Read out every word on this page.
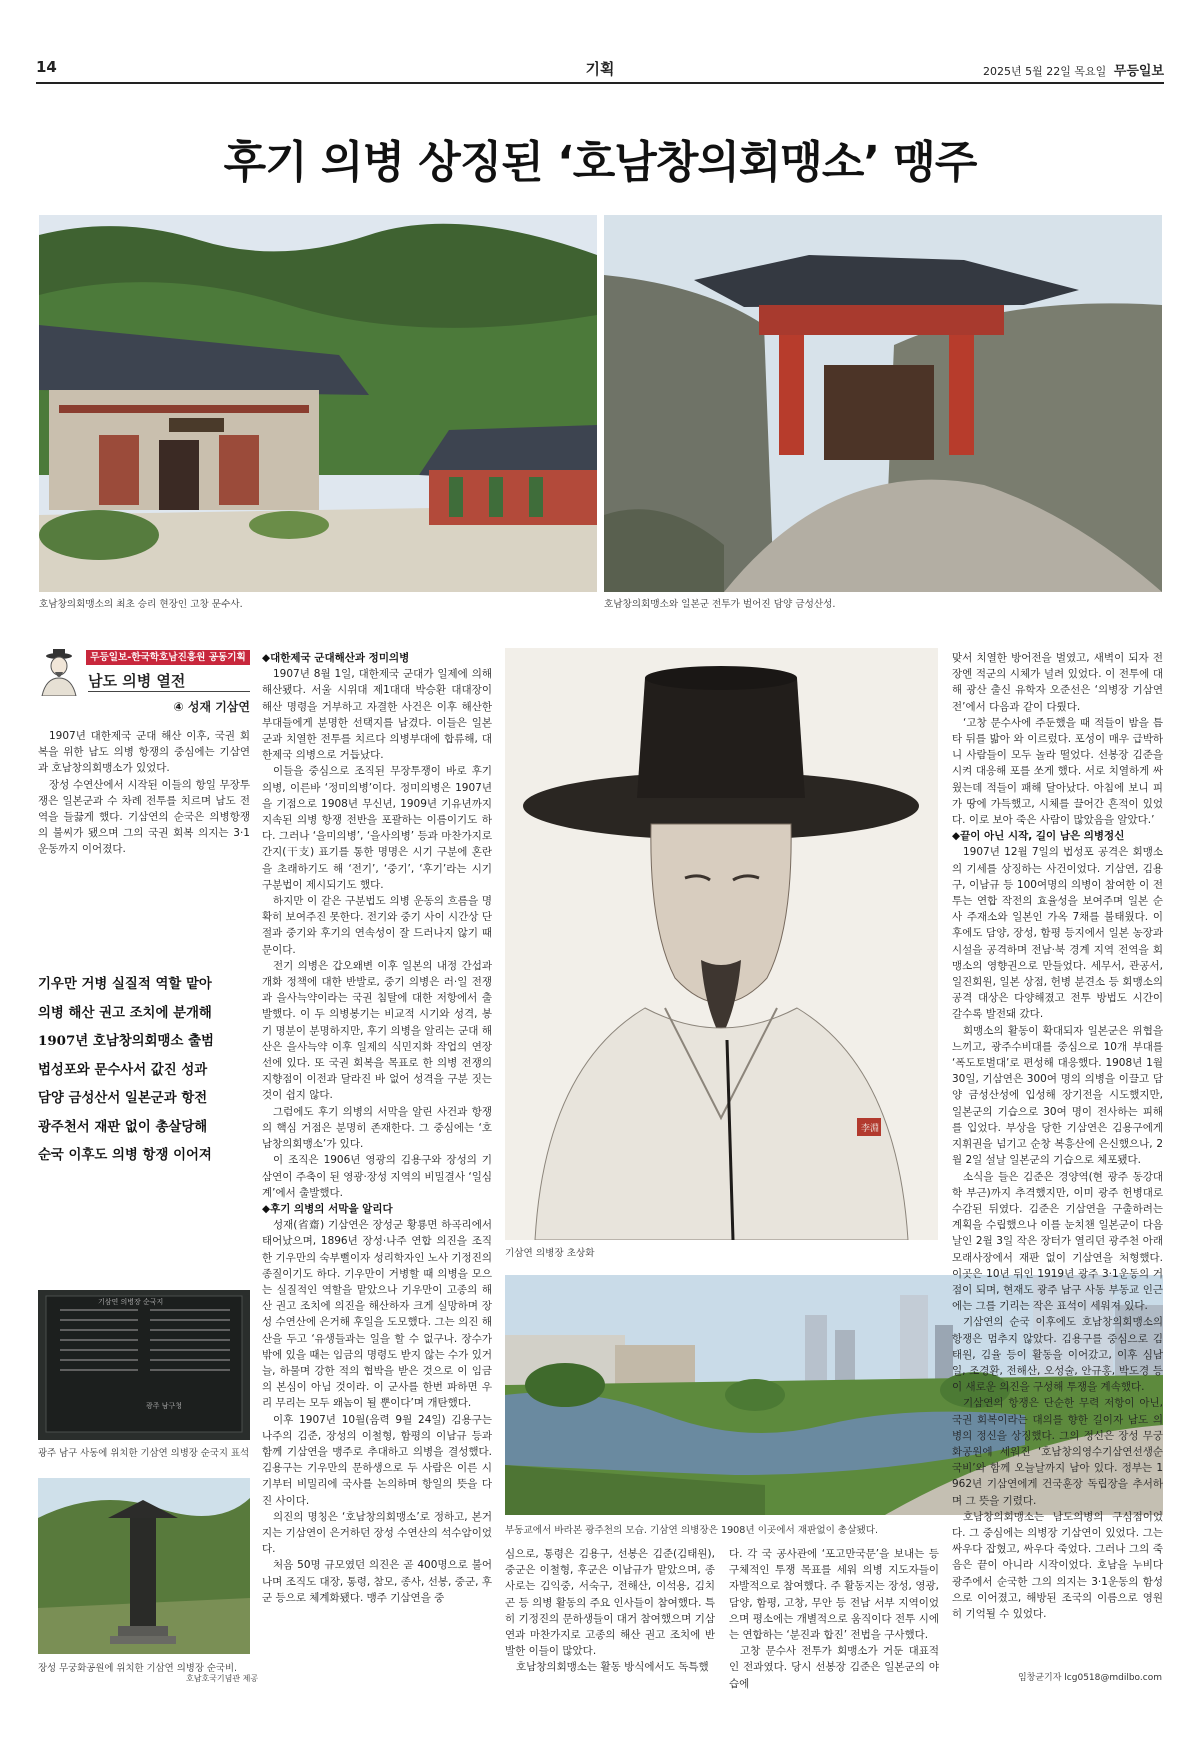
14	기획	2025년 5월 22일 목요일 무등일보
후기 의병 상징된 ‘호남창의회맹소’ 맹주
호남창의회맹소의 최초 승리 현장인 고창 문수사.	호남창의회맹소와 일본군 전투가 벌어진 담양 금성산성.
무등일보-한국학호남진흥원 공동기획
남도 의병 열전
④ 성재 기삼연

1907년 대한제국 군대 해산 이후, 국권 회복을 위한 남도 의병 항쟁의 중심에는 기삼연과 호남창의회맹소가 있었다.

장성 수연산에서 시작된 이들의 항일 무장투쟁은 일본군과 수 차례 전투를 치르며 남도 전역을 들끓게 했다. 기삼연의 순국은 의병항쟁의 불씨가 됐으며 그의 국권 회복 의지는 3·1운동까지 이어졌다.

기우만 거병 실질적 역할 맡아
의병 해산 권고 조치에 분개해
1907년 호남창의회맹소 출범
법성포와 문수사서 값진 성과
담양 금성산서 일본군과 항전
광주천서 재판 없이 총살당해
순국 이후도 의병 항쟁 이어져
기삼연 의병장 순국지
광주 남구청
광주 남구 사동에 위치한 기삼연 의병장 순국지 표석
장성 무궁화공원에 위치한 기삼연 의병장 순국비.
호남호국기념관 제공

◆대한제국 군대해산과 정미의병

1907년 8월 1일, 대한제국 군대가 일제에 의해 해산됐다. 서울 시위대 제1대대 박승환 대대장이 해산 명령을 거부하고 자결한 사건은 이후 해산한 부대들에게 분명한 선택지를 남겼다. 이들은 일본군과 치열한 전투를 치르다 의병부대에 합류해, 대한제국 의병으로 거듭났다.

이들을 중심으로 조직된 무장투쟁이 바로 후기 의병, 이른바 ‘정미의병’이다. 정미의병은 1907년을 기점으로 1908년 무신년, 1909년 기유년까지 지속된 의병 항쟁 전반을 포괄하는 이름이기도 하다. 그러나 ‘을미의병’, ‘을사의병’ 등과 마찬가지로 간지(干支) 표기를 통한 명명은 시기 구분에 혼란을 초래하기도 해 ‘전기’, ‘중기’, ‘후기’라는 시기 구분법이 제시되기도 했다.

하지만 이 같은 구분법도 의병 운동의 흐름을 명확히 보여주진 못한다. 전기와 중기 사이 시간상 단절과 중기와 후기의 연속성이 잘 드러나지 않기 때문이다.

전기 의병은 갑오왜변 이후 일본의 내정 간섭과 개화 정책에 대한 반발로, 중기 의병은 러·일 전쟁과 을사늑약이라는 국권 침탈에 대한 저항에서 출발했다. 이 두 의병봉기는 비교적 시기와 성격, 봉기 명분이 분명하지만, 후기 의병을 알리는 군대 해산은 을사늑약 이후 일제의 식민지화 작업의 연장선에 있다. 또 국권 회복을 목표로 한 의병 전쟁의 지향점이 이전과 달라진 바 없어 성격을 구분 짓는 것이 쉽지 않다.

그럼에도 후기 의병의 서막을 알린 사건과 항쟁의 핵심 거점은 분명히 존재한다. 그 중심에는 ‘호남창의회맹소’가 있다.

이 조직은 1906년 영광의 김용구와 장성의 기삼연이 주축이 된 영광·장성 지역의 비밀결사 ‘일심계’에서 출발했다.

◆후기 의병의 서막을 알리다

성재(省齋) 기삼연은 장성군 황룡면 하곡리에서 태어났으며, 1896년 장성·나주 연합 의진을 조직한 기우만의 숙부뻘이자 성리학자인 노사 기정진의 종질이기도 하다. 기우만이 거병할 때 의병을 모으는 실질적인 역할을 맡았으나 기우만이 고종의 해산 권고 조치에 의진을 해산하자 크게 실망하며 장성 수연산에 은거해 후일을 도모했다. 그는 의진 해산을 두고 ‘유생들과는 일을 할 수 없구나. 장수가 밖에 있을 때는 임금의 명령도 받지 않는 수가 있거늘, 하물며 강한 적의 협박을 받은 것으로 이 임금의 본심이 아님 것이라. 이 군사를 한번 파하면 우리 무리는 모두 왜놈이 될 뿐이다’며 개탄했다.

이후 1907년 10월(음력 9월 24일) 김용구는 나주의 김준, 장성의 이철형, 함평의 이남규 등과 함께 기삼연을 맹주로 추대하고 의병을 결성했다. 김용구는 기우만의 문하생으로 두 사람은 이른 시기부터 비밀리에 국사를 논의하며 항일의 뜻을 다진 사이다.

의진의 명칭은 ‘호남창의회맹소’로 정하고, 본거지는 기삼연이 은거하던 장성 수연산의 석수암이었다.

처음 50명 규모였던 의진은 곧 400명으로 불어나며 조직도 대장, 통령, 참모, 종사, 선봉, 중군, 후군 등으로 체계화됐다. 맹주 기삼연을 중

李淵
기삼연 의병장 초상화
부동교에서 바라본 광주천의 모습. 기삼연 의병장은 1908년 이곳에서 재판없이 총살됐다.

심으로, 통령은 김용구, 선봉은 김준(김태원), 중군은 이철형, 후군은 이남규가 맡았으며, 종사로는 김익중, 서숙구, 전해산, 이석용, 김치곤 등 의병 활동의 주요 인사들이 참여했다. 특히 기정진의 문하생들이 대거 참여했으며 기삼연과 마찬가지로 고종의 해산 권고 조치에 반발한 이들이 많았다.

호남창의회맹소는 활동 방식에서도 독특했

다. 각 국 공사관에 ‘포고만국문’을 보내는 등 구체적인 투쟁 목표를 세워 의병 지도자들이 자발적으로 참여했다. 주 활동지는 장성, 영광, 담양, 함평, 고창, 무안 등 전남 서부 지역이었으며 평소에는 개별적으로 움직이다 전투 시에는 연합하는 ‘분진과 합진’ 전법을 구사했다.

고창 문수사 전투가 회맹소가 거둔 대표적인 전과였다. 당시 선봉장 김준은 일본군의 야습에

맞서 치열한 방어전을 벌였고, 새벽이 되자 전장엔 적군의 시체가 널려 있었다. 이 전투에 대해 광산 출신 유학자 오준선은 ‘의병장 기삼연전’에서 다음과 같이 다뤘다.

‘고창 문수사에 주둔했을 때 적들이 밤을 틈타 뒤를 밟아 와 이르렀다. 포성이 매우 급박하니 사람들이 모두 놀라 떨었다. 선봉장 김준을 시켜 대응해 포를 쏘게 했다. 서로 치열하게 싸웠는데 적들이 패해 달아났다. 아침에 보니 피가 땅에 가득했고, 시체를 끌어간 흔적이 있었다. 이로 보아 죽은 사람이 많았음을 알았다.’

◆끝이 아닌 시작, 길이 남은 의병정신

1907년 12월 7일의 법성포 공격은 회맹소의 기세를 상징하는 사건이었다. 기삼연, 김용구, 이남규 등 100여명의 의병이 참여한 이 전투는 연합 작전의 효율성을 보여주며 일본 순사 주재소와 일본인 가옥 7채를 불태웠다. 이후에도 담양, 장성, 함평 등지에서 일본 농장과 시설을 공격하며 전남·북 경계 지역 전역을 회맹소의 영향권으로 만들었다. 세무서, 관공서, 일진회원, 일본 상점, 헌병 분견소 등 회맹소의 공격 대상은 다양해졌고 전투 방법도 시간이 갈수록 발전돼 갔다.

회맹소의 활동이 확대되자 일본군은 위협을 느끼고, 광주수비대를 중심으로 10개 부대를 ‘폭도토벌대’로 편성해 대응했다. 1908년 1월 30일, 기삼연은 300여 명의 의병을 이끌고 담양 금성산성에 입성해 장기전을 시도했지만, 일본군의 기습으로 30여 명이 전사하는 피해를 입었다. 부상을 당한 기삼연은 김용구에게 지휘권을 넘기고 순창 복흥산에 은신했으나, 2월 2일 설날 일본군의 기습으로 체포됐다.

소식을 들은 김준은 경양역(현 광주 동강대학 부근)까지 추격했지만, 이미 광주 헌병대로 수감된 뒤였다. 김준은 기삼연을 구출하려는 계획을 수립했으나 이를 눈치챈 일본군이 다음 날인 2월 3일 작은 장터가 열리던 광주천 아래 모래사장에서 재판 없이 기삼연을 처형했다. 이곳은 10년 뒤인 1919년 광주 3·1운동의 거점이 되며, 현재도 광주 남구 사동 부동교 인근에는 그를 기리는 작은 표석이 세워져 있다.

기삼연의 순국 이후에도 호남창의회맹소의 항쟁은 멈추지 않았다. 김용구를 중심으로 김태원, 김율 등이 활동을 이어갔고, 이후 심남일, 조경환, 전해산, 오성술, 안규홍, 박도경 등이 새로운 의진을 구성해 투쟁을 계속했다.

기삼연의 항쟁은 단순한 무력 저항이 아닌, 국권 회복이라는 대의를 향한 길이자 남도 의병의 정신을 상징했다. 그의 정신은 장성 무궁화공원에 세워진 ‘호남창의영수기삼연선생순국비’와 함께 오늘날까지 남아 있다. 정부는 1962년 기삼연에게 건국훈장 독립장을 추서하며 그 뜻을 기렸다.

호남창의회맹소는 남도의병의 구심점이었다. 그 중심에는 의병장 기삼연이 있었다. 그는 싸우다 잡혔고, 싸우다 죽었다. 그러나 그의 죽음은 끝이 아니라 시작이었다. 호남을 누비다 광주에서 순국한 그의 의지는 3·1운동의 함성으로 이어졌고, 해방된 조국의 이름으로 영원히 기억될 수 있었다.

임창균기자 lcg0518@mdilbo.com
